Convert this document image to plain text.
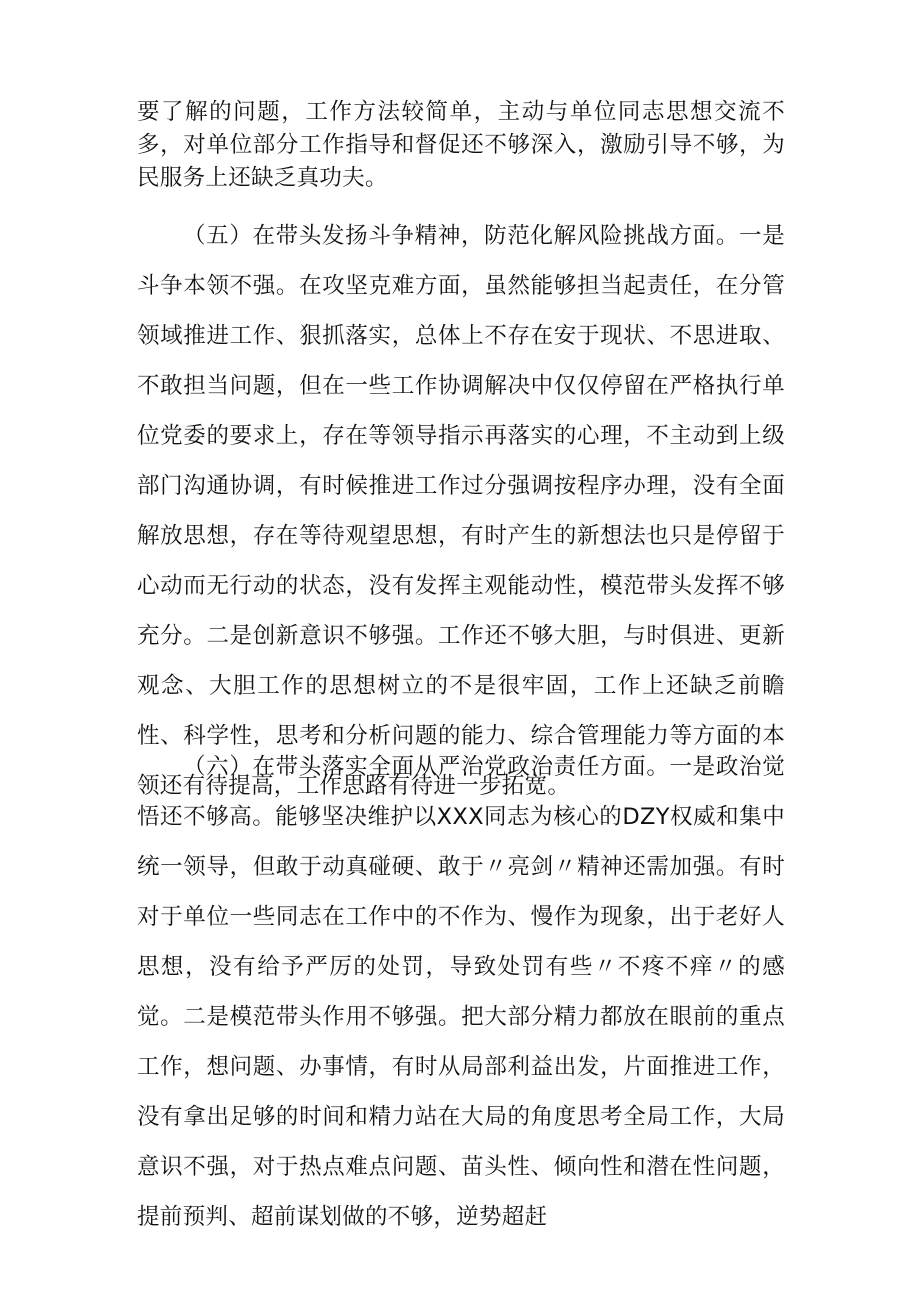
要了解的问题，工作方法较简单，主动与单位同志思想交流不多，对单位部分工作指导和督促还不够深入，激励引导不够，为民服务上还缺乏真功夫。

（五）在带头发扬斗争精神，防范化解风险挑战方面。一是斗争本领不强。在攻坚克难方面，虽然能够担当起责任，在分管领域推进工作、狠抓落实，总体上不存在安于现状、不思进取、不敢担当问题，但在一些工作协调解决中仅仅停留在严格执行单位党委的要求上，存在等领导指示再落实的心理，不主动到上级部门沟通协调，有时候推进工作过分强调按程序办理，没有全面解放思想，存在等待观望思想，有时产生的新想法也只是停留于心动而无行动的状态，没有发挥主观能动性，模范带头发挥不够充分。二是创新意识不够强。工作还不够大胆，与时俱进、更新观念、大胆工作的思想树立的不是很牢固，工作上还缺乏前瞻性、科学性，思考和分析问题的能力、综合管理能力等方面的本领还有待提高，工作思路有待进一步拓宽。

（六）在带头落实全面从严治党政治责任方面。一是政治觉悟还不够高。能够坚决维护以XXX同志为核心的DZY权威和集中统一领导，但敢于动真碰硬、敢于〃亮剑〃精神还需加强。有时对于单位一些同志在工作中的不作为、慢作为现象，出于老好人思想，没有给予严厉的处罚，导致处罚有些〃不疼不痒〃的感觉。二是模范带头作用不够强。把大部分精力都放在眼前的重点工作，想问题、办事情，有时从局部利益出发，片面推进工作，没有拿出足够的时间和精力站在大局的角度思考全局工作，大局意识不强，对于热点难点问题、苗头性、倾向性和潜在性问题，提前预判、超前谋划做的不够，逆势超赶
